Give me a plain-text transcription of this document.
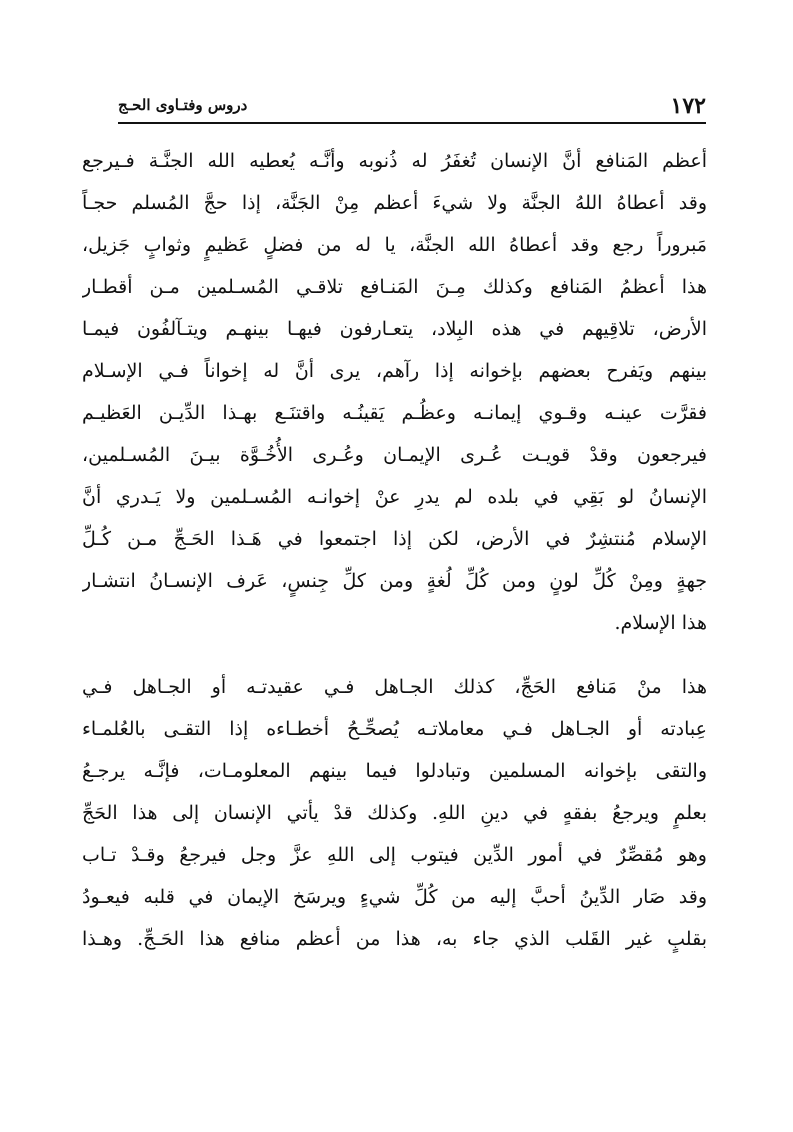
١٧٢
دروس وفتـاوى الحـج
أعظم المَنافع أنَّ الإنسان تُغفَرُ له ذُنوبه وأنَّـه يُعطيه الله الجنَّـة فـيرجع
وقد أعطاهُ اللهُ الجنَّة ولا شيءَ أعظم مِنْ الجَنَّة، إذا حجَّ المُسلم حجـاً
مَبروراً رجع وقد أعطاهُ الله الجنَّة، يا له من فضلٍ عَظيمٍ وثوابٍ جَزيل،
هذا أعظمُ المَنافع وكذلك مِـنَ المَنـافع تلاقـي المُسـلمين مـن أقطـار
الأرض، تلاقِيهم في هذه البِلاد، يتعـارفون فيهـا بينهـم ويتـآلفُون فيمـا
بينهم ويَفرح بعضهم بإخوانه إذا رآهم، يرى أنَّ له إخواناً فـي الإسـلام
فقرَّت عينـه وقـوي إيمانـه وعظُـم يَقينُـه واقتنَـع بهـذا الدِّيـن العَظيـم
فيرجعون وقدْ قويـت عُـرى الإيمـان وعُـرى الأُخُـوَّة بيـنَ المُسـلمين،
الإنسانُ لو بَقِي في بلده لم يدرِ عنْ إخوانـه المُسـلمين ولا يَـدري أنَّ
الإسلام مُنتشِرٌ في الأرض، لكن إذا اجتمعوا في هَـذا الحَـجِّ مـن كُـلِّ
جهةٍ ومِنْ كُلِّ لونٍ ومن كُلِّ لُغةٍ ومن كلِّ جِنسٍ، عَرف الإنسـانُ انتشـار
هذا الإسلام.
هذا منْ مَنافع الحَجِّ، كذلك الجـاهل فـي عقيدتـه أو الجـاهل فـي
عِبادته أو الجـاهل فـي معاملاتـه يُصحِّـحُ أخطـاءه إذا التقـى بالعُلمـاء
والتقى بإخوانه المسلمين وتبادلوا فيما بينهم المعلومـات، فإنَّـه يرجـعُ
بعلمٍ ويرجعُ بفقهٍ في دينِ اللهِ. وكذلك قدْ يأتي الإنسان إلى هذا الحَجِّ
وهو مُقصِّرٌ في أمور الدِّين فيتوب إلى اللهِ عزَّ وجل فيرجعُ وقـدْ تـاب
وقد صَار الدِّينُ أحبَّ إليه من كُلِّ شيءٍ ويرسَخ الإيمان في قلبه فيعـودُ
بقلبٍ غير القَلب الذي جاء به، هذا من أعظم منافع هذا الحَـجِّ. وهـذا
